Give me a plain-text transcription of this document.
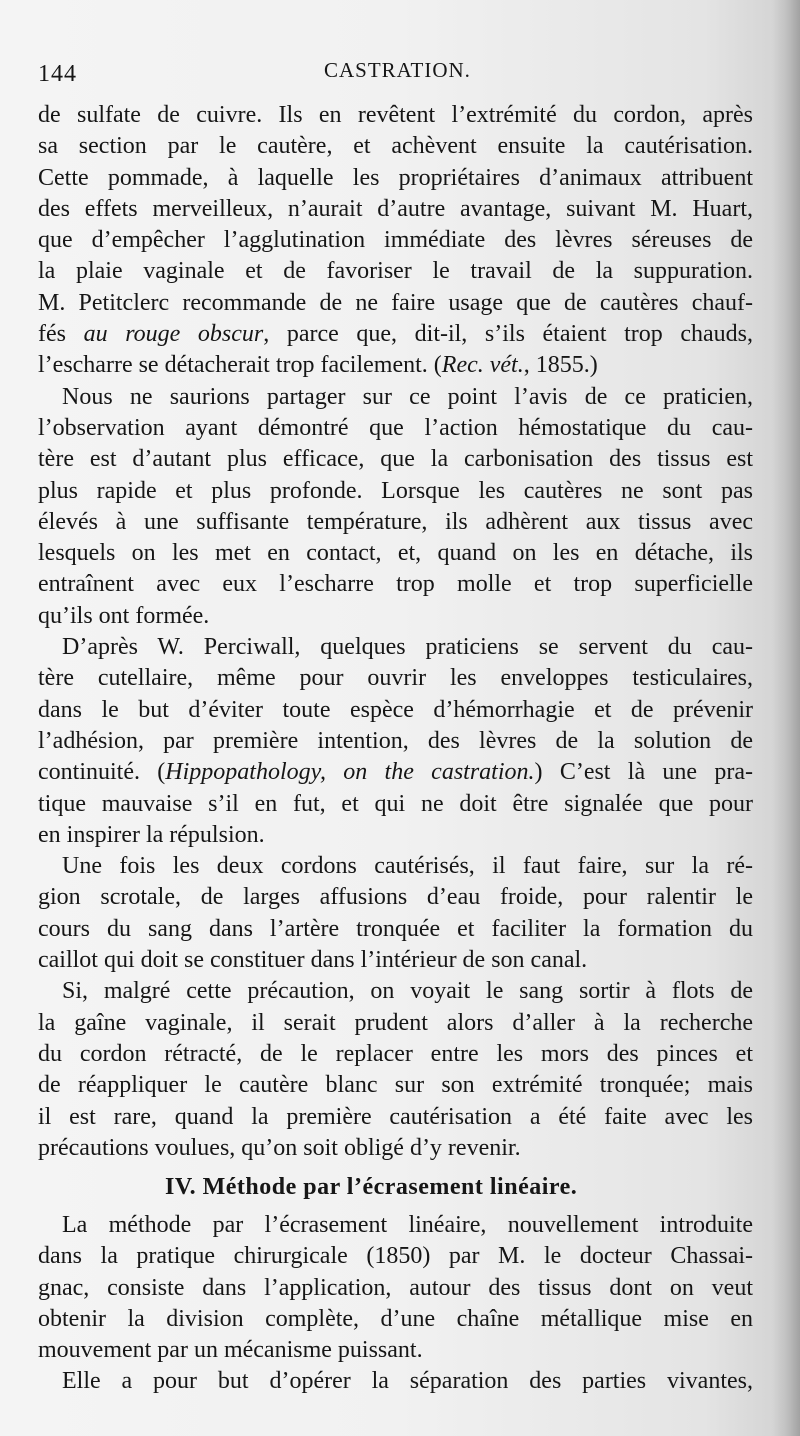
144	CASTRATION.
de sulfate de cuivre. Ils en revêtent l’extrémité du cordon, après
sa section par le cautère, et achèvent ensuite la cautérisation.
Cette pommade, à laquelle les propriétaires d’animaux attribuent
des effets merveilleux, n’aurait d’autre avantage, suivant M. Huart,
que d’empêcher l’agglutination immédiate des lèvres séreuses de
la plaie vaginale et de favoriser le travail de la suppuration.
M. Petitclerc recommande de ne faire usage que de cautères chauf-
fés au rouge obscur, parce que, dit-il, s’ils étaient trop chauds,
l’escharre se détacherait trop facilement. (Rec. vét., 1855.)
Nous ne saurions partager sur ce point l’avis de ce praticien,
l’observation ayant démontré que l’action hémostatique du cau-
tère est d’autant plus efficace, que la carbonisation des tissus est
plus rapide et plus profonde. Lorsque les cautères ne sont pas
élevés à une suffisante température, ils adhèrent aux tissus avec
lesquels on les met en contact, et, quand on les en détache, ils
entraînent avec eux l’escharre trop molle et trop superficielle
qu’ils ont formée.
D’après W. Perciwall, quelques praticiens se servent du cau-
tère cutellaire, même pour ouvrir les enveloppes testiculaires,
dans le but d’éviter toute espèce d’hémorrhagie et de prévenir
l’adhésion, par première intention, des lèvres de la solution de
continuité. (Hippopathology, on the castration.) C’est là une pra-
tique mauvaise s’il en fut, et qui ne doit être signalée que pour
en inspirer la répulsion.
Une fois les deux cordons cautérisés, il faut faire, sur la ré-
gion scrotale, de larges affusions d’eau froide, pour ralentir le
cours du sang dans l’artère tronquée et faciliter la formation du
caillot qui doit se constituer dans l’intérieur de son canal.
Si, malgré cette précaution, on voyait le sang sortir à flots de
la gaîne vaginale, il serait prudent alors d’aller à la recherche
du cordon rétracté, de le replacer entre les mors des pinces et
de réappliquer le cautère blanc sur son extrémité tronquée; mais
il est rare, quand la première cautérisation a été faite avec les
précautions voulues, qu’on soit obligé d’y revenir.
IV. Méthode par l’écrasement linéaire.
La méthode par l’écrasement linéaire, nouvellement introduite
dans la pratique chirurgicale (1850) par M. le docteur Chassai-
gnac, consiste dans l’application, autour des tissus dont on veut
obtenir la division complète, d’une chaîne métallique mise en
mouvement par un mécanisme puissant.
Elle a pour but d’opérer la séparation des parties vivantes,
